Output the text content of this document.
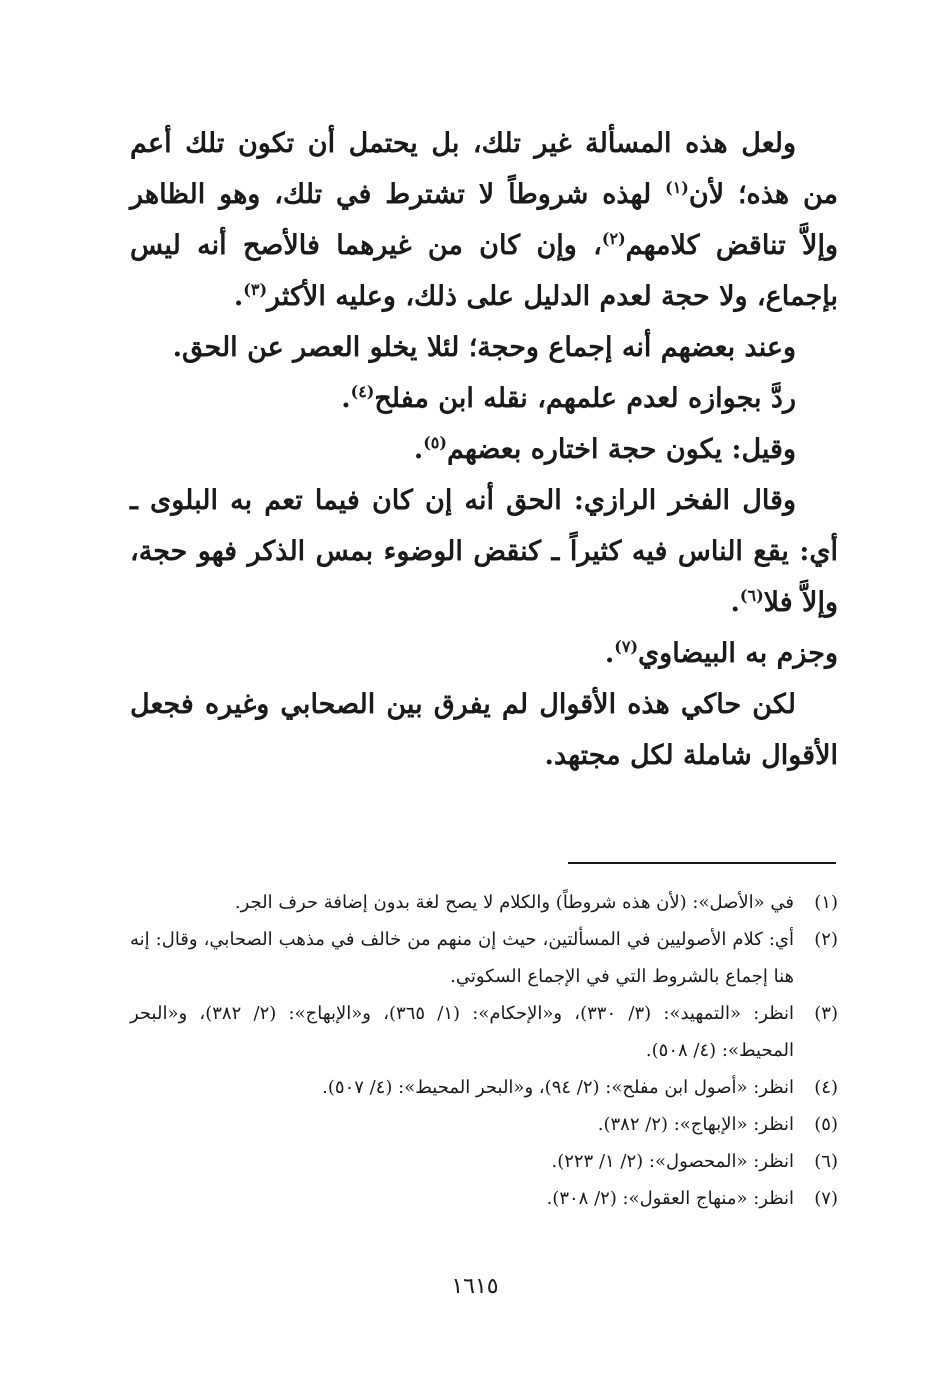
ولعل هذه المسألة غير تلك، بل يحتمل أن تكون تلك أعم من هذه؛ لأن$^{(١)}$ لهذه شروطاً لا تشترط في تلك، وهو الظاهر وإلاَّ تناقض كلامهم$^{(٢)}$، وإن كان من غيرهما فالأصح أنه ليس بإجماع، ولا حجة لعدم الدليل على ذلك، وعليه الأكثر$^{(٣)}$.

وعند بعضهم أنه إجماع وحجة؛ لئلا يخلو العصر عن الحق.

ردَّ بجوازه لعدم علمهم، نقله ابن مفلح$^{(٤)}$.

وقيل: يكون حجة اختاره بعضهم$^{(٥)}$.

وقال الفخر الرازي: الحق أنه إن كان فيما تعم به البلوى ـ أي: يقع الناس فيه كثيراً ـ كنقض الوضوء بمس الذكر فهو حجة، وإلاَّ فلا$^{(٦)}$.

وجزم به البيضاوي$^{(٧)}$.

لكن حاكي هذه الأقوال لم يفرق بين الصحابي وغيره فجعل الأقوال شاملة لكل مجتهد.

(١)
في «الأصل»: (لأن هذه شروطاً) والكلام لا يصح لغة بدون إضافة حرف الجر.
(٢)
أي: كلام الأصوليين في المسألتين، حيث إن منهم من خالف في مذهب الصحابي، وقال: إنه هنا إجماع بالشروط التي في الإجماع السكوتي.
(٣)
انظر: «التمهيد»: (٣/ ٣٣٠)، و«الإحكام»: (١/ ٣٦٥)، و«الإبهاج»: (٢/ ٣٨٢)، و«البحر المحيط»: (٤/ ٥٠٨).
(٤)
انظر: «أصول ابن مفلح»: (٢/ ٩٤)، و«البحر المحيط»: (٤/ ٥٠٧).
(٥)
انظر: «الإبهاج»: (٢/ ٣٨٢).
(٦)
انظر: «المحصول»: (٢/ ١/ ٢٢٣).
(٧)
انظر: «منهاج العقول»: (٢/ ٣٠٨).
١٦١٥
